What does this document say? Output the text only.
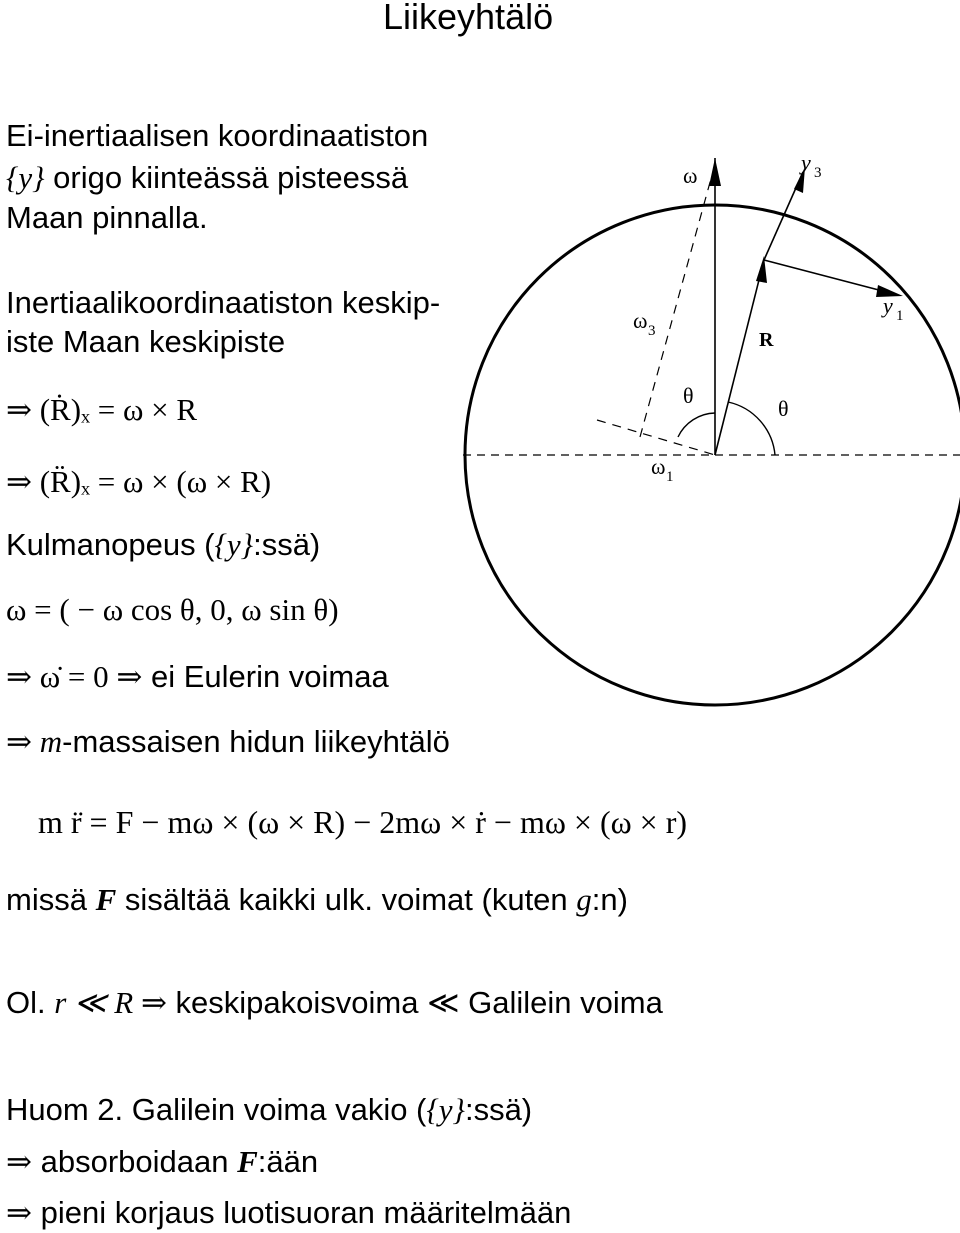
Liikeyhtälö
Ei-inertiaalisen koordinaatiston
{y} origo kiinteässä pisteessä
Maan pinnalla.
Inertiaalikoordinaatiston keskip-
iste Maan keskipiste
⇒ (Ṙ)ₓ = ω × R
⇒ (R̈)ₓ = ω × (ω × R)
Kulmanopeus ({y}:ssä)
ω = ( − ω cos θ, 0, ω sin θ)
⇒ ω̇ = 0 ⇒ ei Eulerin voimaa
⇒ m-massaisen hidun liikeyhtälö
m r̈ = F − mω × (ω × R) − 2mω × ṙ − mω × (ω × r)
missä F sisältää kaikki ulk. voimat (kuten g:n)
Ol. r ≪ R ⇒ keskipakoisvoima ≪ Galilein voima
Huom 2. Galilein voima vakio ({y}:ssä)
⇒ absorboidaan F:ään
⇒ pieni korjaus luotisuoran määritelmään
ω
y 3
y 1
ω 3	R
θ
θ
ω 1
